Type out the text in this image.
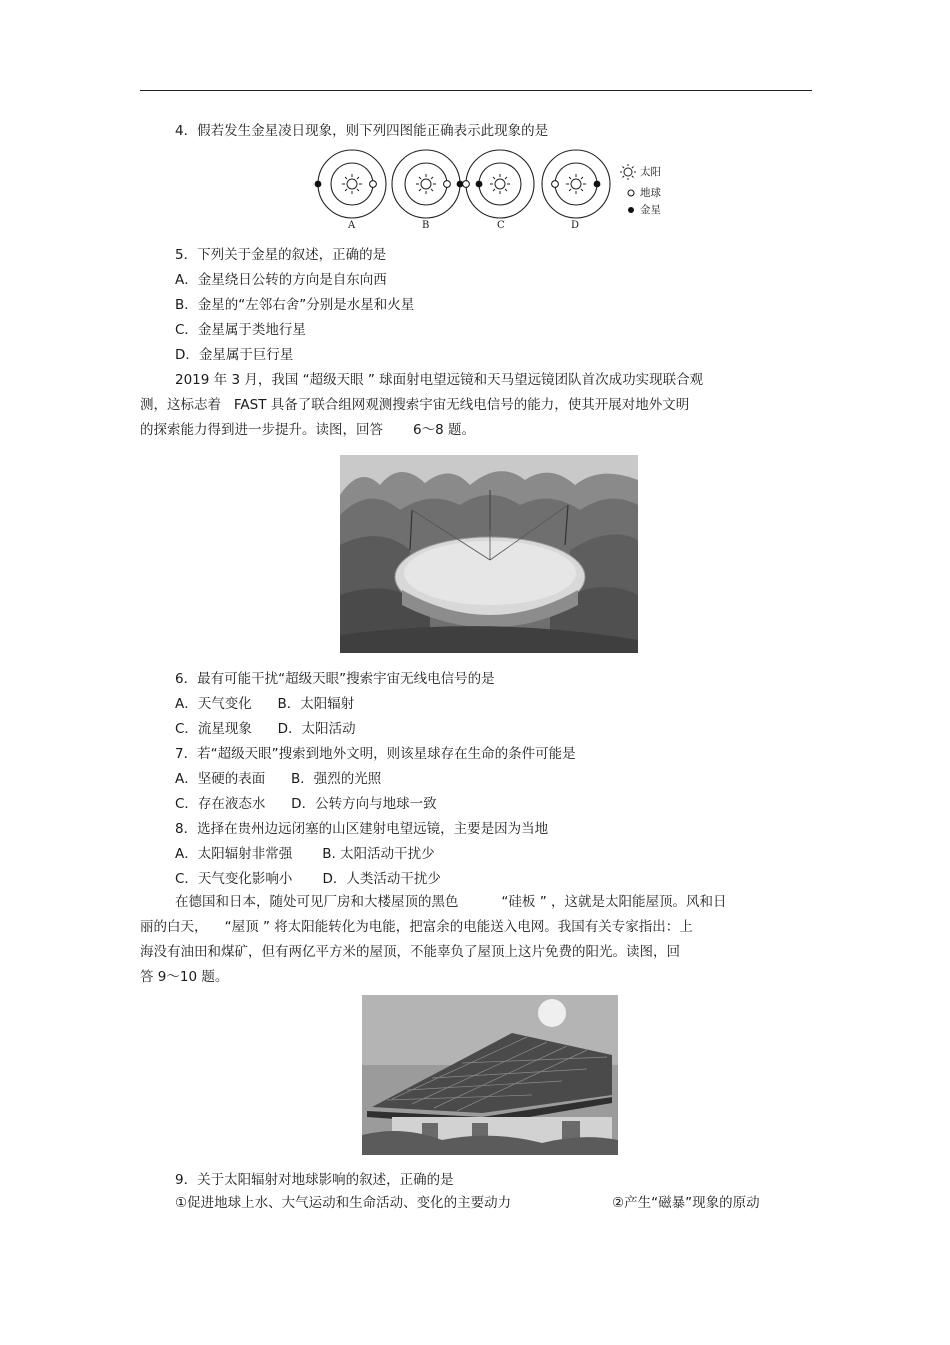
4．假若发生金星凌日现象，则下列四图能正确表示此现象的是
A	B	C	D
太阳
地球
金星
5．下列关于金星的叙述，正确的是
A．金星绕日公转的方向是自东向西
B．金星的“左邻右舍”分别是水星和火星
C．金星属于类地行星
D．金星属于巨行星
2019 年 3 月，我国 “超级天眼 ” 球面射电望远镜和天马望远镜团队首次成功实现联合观
测，这标志着   FAST 具备了联合组网观测搜索宇宙无线电信号的能力，使其开展对地外文明
的探索能力得到进一步提升。读图，回答       6～8 题。
6．最有可能干扰“超级天眼”搜索宇宙无线电信号的是
A．天气变化      B．太阳辐射
C．流星现象      D．太阳活动
7．若“超级天眼”搜索到地外文明，则该星球存在生命的条件可能是
A．坚硬的表面      B．强烈的光照
C．存在液态水      D．公转方向与地球一致
8．选择在贵州边远闭塞的山区建射电望远镜，主要是因为当地
A．太阳辐射非常强       B. 太阳活动干扰少
C．天气变化影响小       D．人类活动干扰少
在德国和日本，随处可见厂房和大楼屋顶的黑色          “硅板 ” ，这就是太阳能屋顶。风和日
丽的白天，    “屋顶 ” 将太阳能转化为电能，把富余的电能送入电网。我国有关专家指出：上
海没有油田和煤矿，但有两亿平方米的屋顶，不能辜负了屋顶上这片免费的阳光。读图，回
答 9～10 题。
9．关于太阳辐射对地球影响的叙述，正确的是
①促进地球上水、大气运动和生命活动、变化的主要动力	②产生“磁暴”现象的原动
